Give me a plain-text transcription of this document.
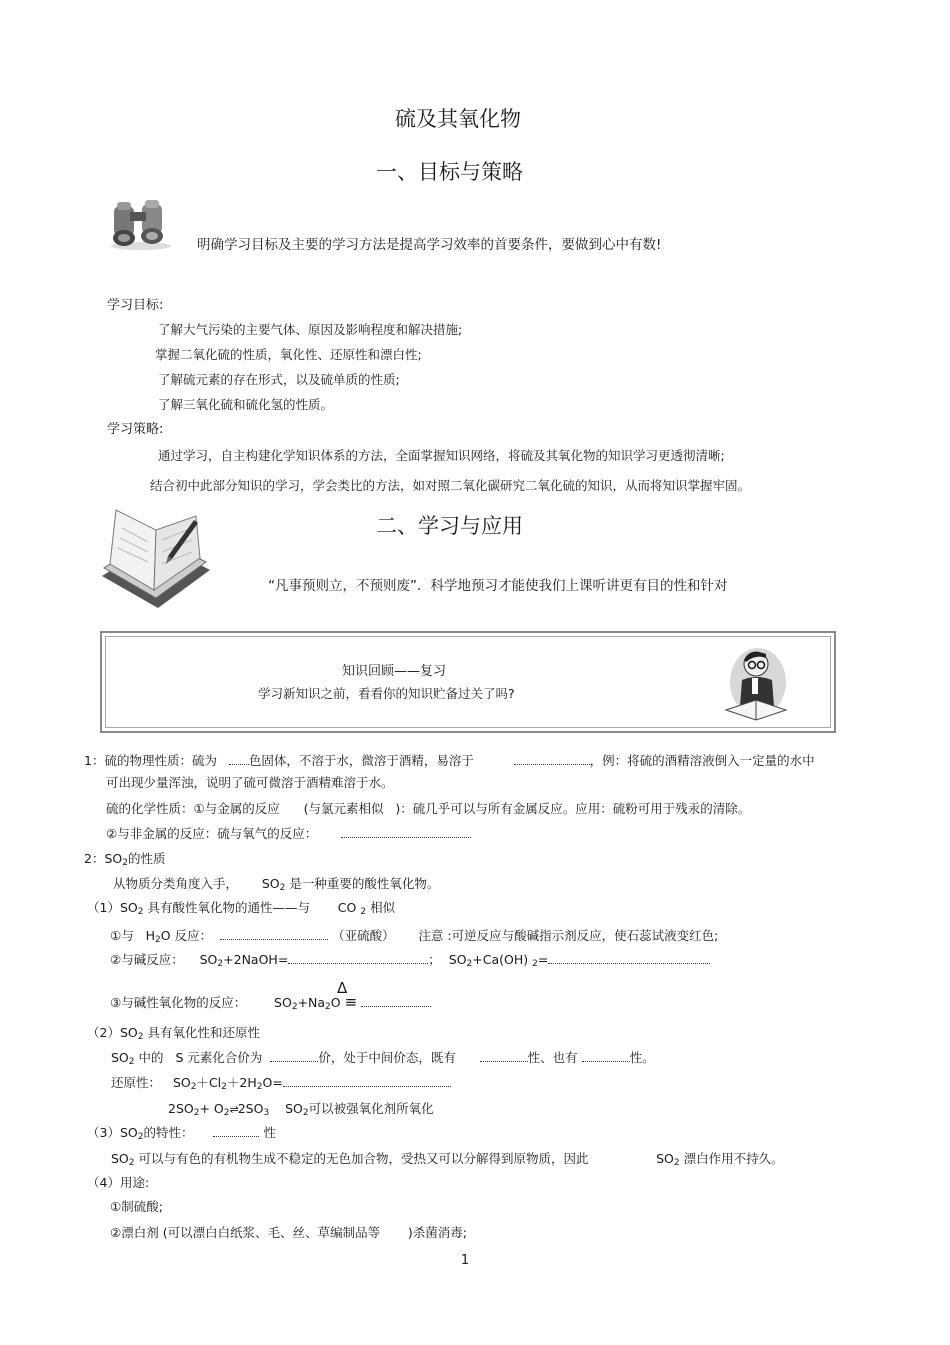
硫及其氧化物
一、目标与策略
明确学习目标及主要的学习方法是提高学习效率的首要条件，要做到心中有数!
学习目标:
了解大气污染的主要气体、原因及影响程度和解决措施;
掌握二氧化硫的性质，氧化性、还原性和漂白性;
了解硫元素的存在形式，以及硫单质的性质;
了解三氧化硫和硫化氢的性质。
学习策略:
通过学习，自主构建化学知识体系的方法，全面掌握知识网络，将硫及其氧化物的知识学习更透彻清晰;
结合初中此部分知识的学习，学会类比的方法，如对照二氧化碳研究二氧化硫的知识，从而将知识掌握牢固。
二、学习与应用
“凡事预则立，不预则废”．科学地预习才能使我们上课听讲更有目的性和针对
知识回顾——复习
学习新知识之前，看看你的知识贮备过关了吗?
1：硫的物理性质：硫为	色固体，不溶于水，微溶于酒精，易溶于	，例：将硫的酒精溶液倒入一定量的水中
可出现少量浑浊，说明了硫可微溶于酒精难溶于水。
硫的化学性质：①与金属的反应 (与氯元素相似 )：硫几乎可以与所有金属反应。应用：硫粉可用于残汞的清除。
②与非金属的反应：硫与氧气的反应：
2：$SO_2$的性质
从物质分类角度入手， $SO_2$ 是一种重要的酸性氧化物。
$(1)SO_2$ 具有酸性氧化物的通性——与 CO $_2$ 相似
①与 $H_2O$ 反应：	（亚硫酸） 注意 :可逆反应与酸碱指示剂反应，使石蕊试液变红色;
②与碱反应： $SO_2+2NaOH=$	； $SO_2+Ca(OH)$ $_2$=
Δ
③与碱性氧化物的反应： $SO_2+Na_2O$ ≡
$(2)SO_2$ 具有氧化性和还原性
$SO_2$ 中的 S 元素化合价为	价，处于中间价态，既有	性、也有	性。
还原性： $SO_2+Cl_2+2H_2O=$
$2SO_2+$ $O_2\rightleftharpoons 2SO_3$ $SO_2$可以被强氧化剂所氧化
$(3)SO_2$的特性：	性
$SO_2$ 可以与有色的有机物生成不稳定的无色加合物，受热又可以分解得到原物质，因此	$SO_2$ 漂白作用不持久。
（4）用途:
①制硫酸;
②漂白剂 (可以漂白白纸浆、毛、丝、草编制品等 )杀菌消毒;
1
